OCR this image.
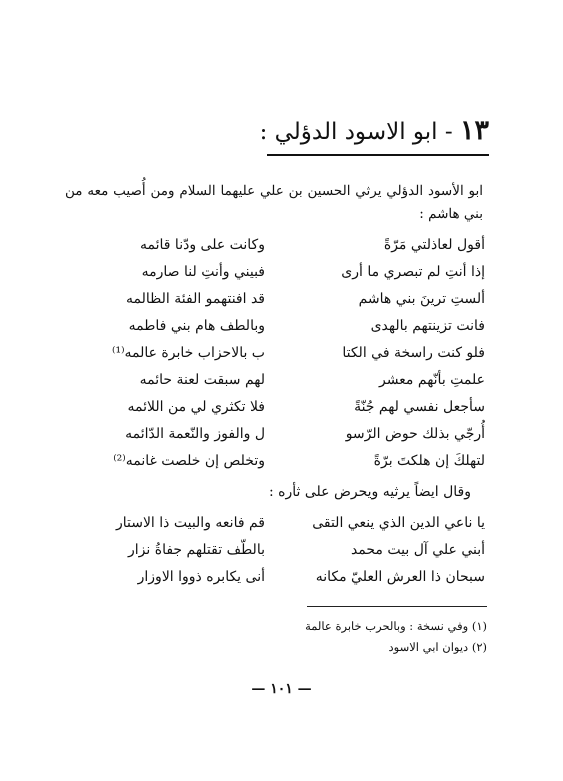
١٣ - ابو الاسود الدؤلي :
ابو الأسود الدؤلي يرثي الحسين بن علي عليهما السلام ومن أُصيب معه من بني هاشم :
أقول لعاذلتي مَرّةً
وكانت على ودّنا قائمه
إذا أنتِ لم تبصري ما أرى
فبيني وأنتِ لنا صارمه
ألستِ ترينَ بني هاشم
قد افنتهمو الفئة الظالمه
فانت تزينتهم بالهدى
وبالطف هام بني فاطمه
فلو كنت راسخة في الكتا
ب بالاحزاب خابرة عالمه⁽¹⁾
علمتِ بأنّهم معشر
لهم سبقت لعنة حائمه
سأجعل نفسي لهم جُنّةً
فلا تكثري لي من اللائمه
أُرجّي بذلك حوض الرّسو
ل والفوز والنّعمة الدّائمه
لتهلكَ إن هلكتَ برّةً
وتخلص إن خلصت غانمه⁽²⁾
وقال ايضاً يرثيه ويحرض على ثأره :
يا ناعي الدين الذي ينعي التقى
قم فانعه والبيت ذا الاستار
أبني علي آل بيت محمد
بالطّف تقتلهم جفاةُ نزار
سبحان ذا العرش العليّ مكانه
أنى يكابره ذووا الاوزار
(١) وفي نسخة : وبالحرب خابرة عالمة
(٢) ديوان ابي الاسود
— ١٠١ —
